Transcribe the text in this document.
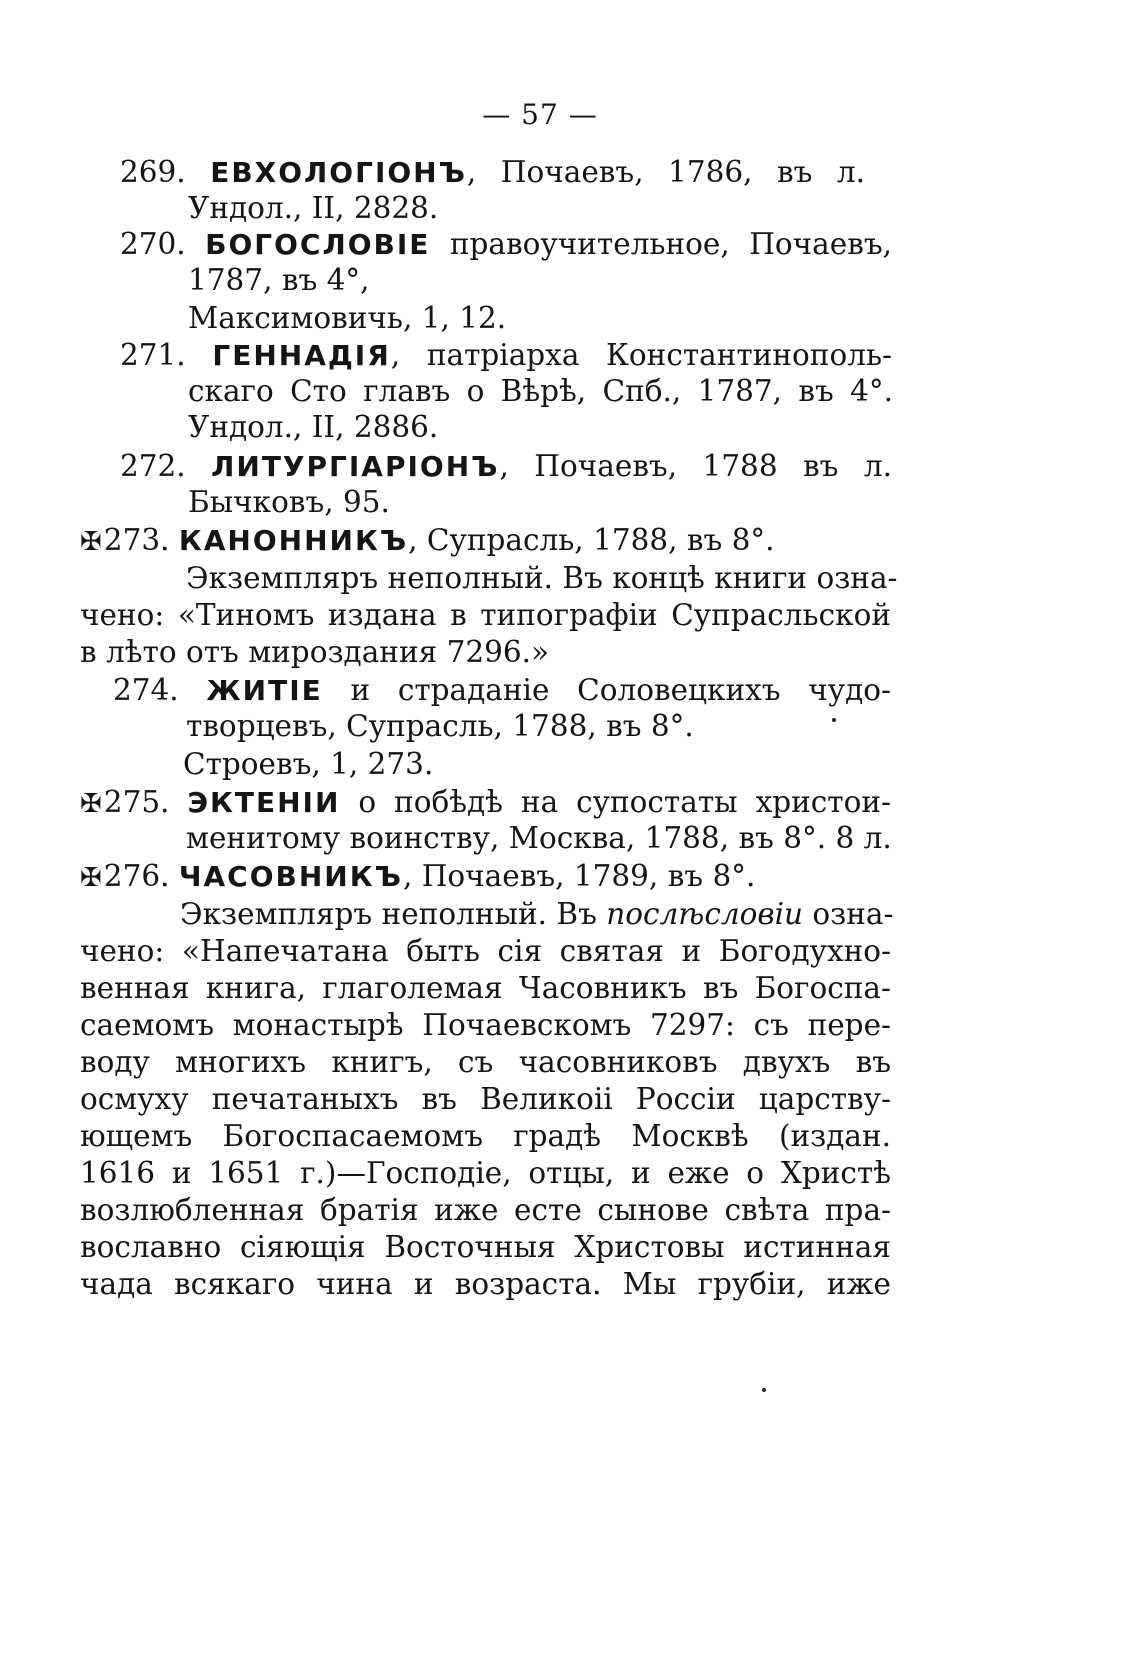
— 57 —
269. ЕВХОЛОГІОНЪ, Почаевъ, 1786, въ л.
Ундол., II, 2828.
270. БОГОСЛОВІЕ правоучительное, Почаевъ,
1787, въ 4°,
Максимовичь, 1, 12.
271. ГЕННАДІЯ, патріарха Константинополь-
скаго Сто главъ о Вѣрѣ, Спб., 1787, въ 4°.
Ундол., II, 2886.
272. ЛИТУРГІАРІОНЪ, Почаевъ, 1788 въ л.
Бычковъ, 95.
✠273. КАНОННИКЪ, Супрасль, 1788, въ 8°.
Экземпляръ неполный. Въ концѣ книги озна-
чено: «Тиномъ издана в типографіи Супрасльской
в лѣто отъ мироздания 7296.»
274. ЖИТІЕ и страданіе Соловецкихъ чудо-
творцевъ, Супрасль, 1788, въ 8°.
Строевъ, 1, 273.
✠275. ЭКТЕНІИ о побѣдѣ на супостаты христои-
менитому воинству, Москва, 1788, въ 8°. 8 л.
✠276. ЧАСОВНИКЪ, Почаевъ, 1789, въ 8°.
Экземпляръ неполный. Въ послѣсловіи озна-
чено: «Напечатана быть сія святая и Богодухно-
венная книга, глаголемая Часовникъ въ Богоспа-
саемомъ монастырѣ Почаевскомъ 7297: съ пере-
воду многихъ книгъ, съ часовниковъ двухъ въ
осмуху печатаныхъ въ Великоii Россіи царству-
ющемъ Богоспасаемомъ градѣ Москвѣ (издан.
1616 и 1651 г.)—Господіе, отцы, и еже о Христѣ
возлюбленная братія иже есте сынове свѣта пра-
вославно сіяющія Восточныя Христовы истинная
чада всякаго чина и возраста. Мы грубіи, иже
